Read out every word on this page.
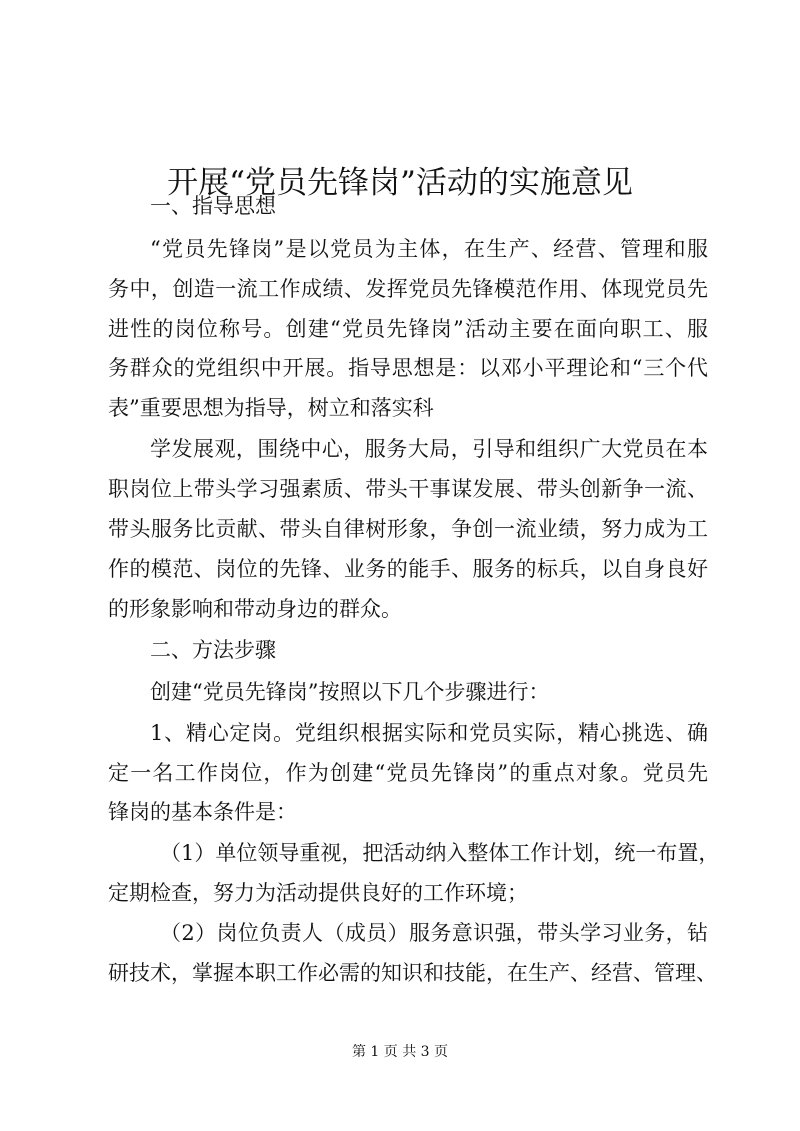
开展“党员先锋岗”活动的实施意见
一、指导思想
“党员先锋岗”是以党员为主体，在生产、经营、管理和服
务中，创造一流工作成绩、发挥党员先锋模范作用、体现党员先
进性的岗位称号。创建“党员先锋岗”活动主要在面向职工、服
务群众的党组织中开展。指导思想是：以邓小平理论和“三个代
表”重要思想为指导，树立和落实科
学发展观，围绕中心，服务大局，引导和组织广大党员在本
职岗位上带头学习强素质、带头干事谋发展、带头创新争一流、
带头服务比贡献、带头自律树形象，争创一流业绩，努力成为工
作的模范、岗位的先锋、业务的能手、服务的标兵，以自身良好
的形象影响和带动身边的群众。
二、方法步骤
创建“党员先锋岗”按照以下几个步骤进行：
1、精心定岗。党组织根据实际和党员实际，精心挑选、确
定一名工作岗位，作为创建“党员先锋岗”的重点对象。党员先
锋岗的基本条件是：
（1）单位领导重视，把活动纳入整体工作计划，统一布置，
定期检查，努力为活动提供良好的工作环境；
（2）岗位负责人（成员）服务意识强，带头学习业务，钻
研技术，掌握本职工作必需的知识和技能，在生产、经营、管理、
第 1 页 共 3 页
